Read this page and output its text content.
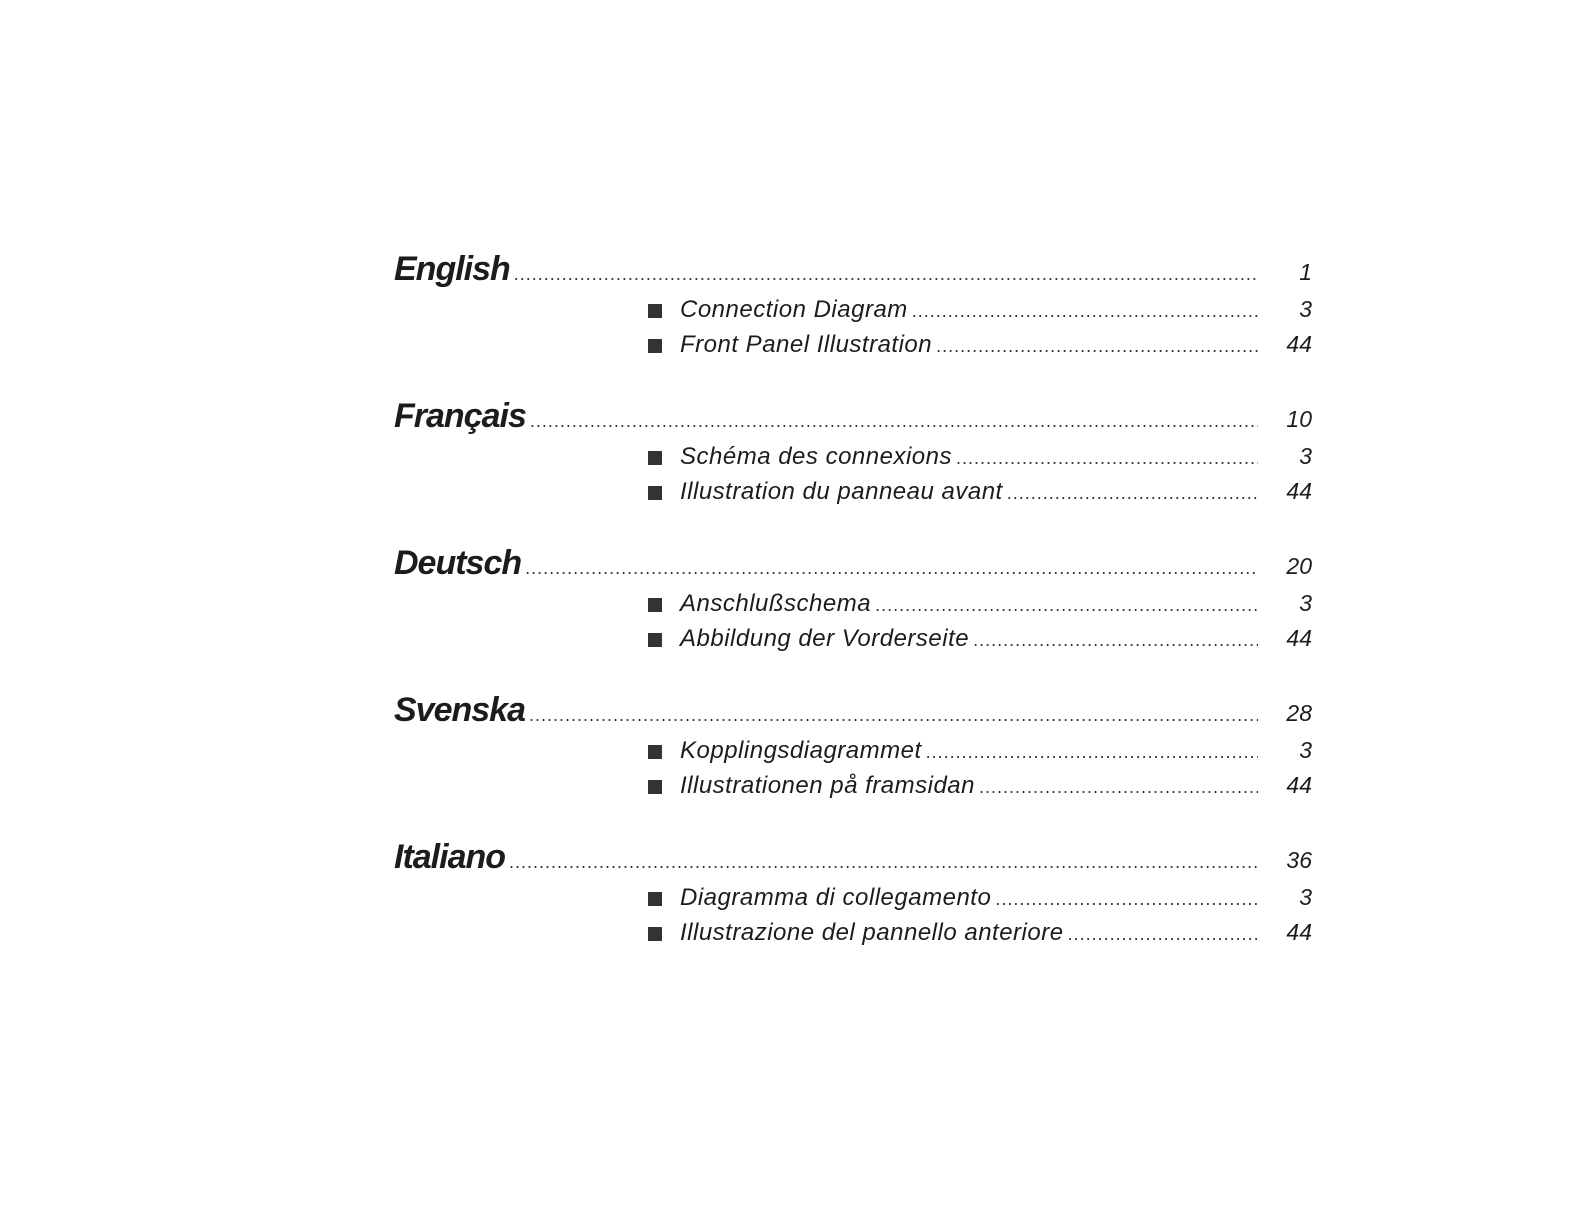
English .....	1
Connection Diagram .....	3
Front Panel Illustration .....	44
Français .....	10
Schéma des connexions .....	3
Illustration du panneau avant .....	44
Deutsch .....	20
Anschlußschema .....	3
Abbildung der Vorderseite .....	44
Svenska .....	28
Kopplingsdiagrammet .....	3
Illustrationen på framsidan .....	44
Italiano .....	36
Diagramma di collegamento .....	3
Illustrazione del pannello anteriore .....	44
